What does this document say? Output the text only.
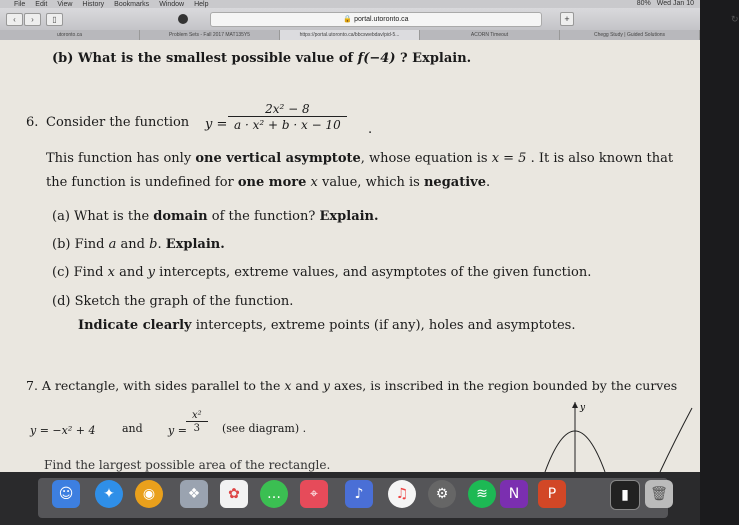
File Edit View History Bookmarks Window Help	80% Wed Jan 10
‹	›	▯	🔒 portal.utoronto.ca	↻
+
utoronto.ca	Problem Sets - Fall 2017 MAT135Y5	https://portal.utoronto.ca/bbcswebdav/pid-5...	ACORN Timeout	Chegg Study | Guided Solutions
(b) What is the smallest possible value of f(−4) ? Explain.
6. Consider the function $y = \frac{\text{2x² − 8}}{\text{a · x² + b · x − 10}}$ .
This function has only one vertical asymptote, whose equation is x = 5 . It is also known that
the function is undefined for one more x value, which is negative.
(a) What is the domain of the function? Explain.
(b) Find a and b. Explain.
(c) Find x and y intercepts, extreme values, and asymptotes of the given function.
(d) Sketch the graph of the function.
Indicate clearly intercepts, extreme points (if any), holes and asymptotes.
7. A rectangle, with sides parallel to the x and y axes, is inscribed in the region bounded by the curves
y = −x² + 4 and $y = \frac{\text{x²}}{3} (see$ diagram) .
Find the largest possible area of the rectangle.
y
☺	✦	◉	❖	✿	…	⌖	♪	♫	⚙	≋	N	P	▮	🗑
